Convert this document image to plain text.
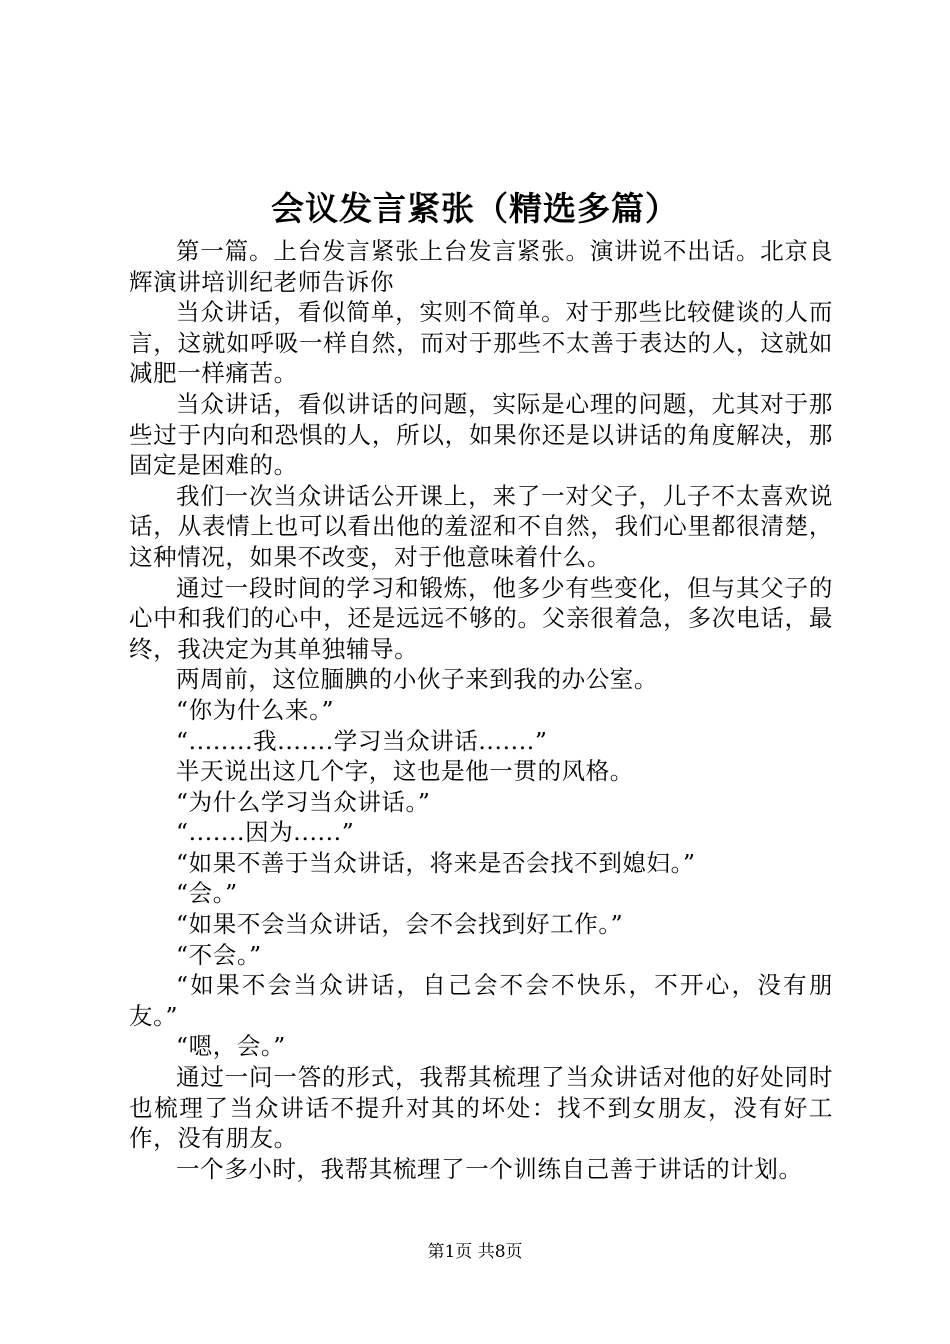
会议发言紧张（精选多篇）

第一篇。上台发言紧张上台发言紧张。演讲说不出话。北京良辉演讲培训纪老师告诉你

当众讲话，看似简单，实则不简单。对于那些比较健谈的人而言，这就如呼吸一样自然，而对于那些不太善于表达的人，这就如减肥一样痛苦。

当众讲话，看似讲话的问题，实际是心理的问题，尤其对于那些过于内向和恐惧的人，所以，如果你还是以讲话的角度解决，那固定是困难的。

我们一次当众讲话公开课上，来了一对父子，儿子不太喜欢说话，从表情上也可以看出他的羞涩和不自然，我们心里都很清楚，这种情况，如果不改变，对于他意味着什么。

通过一段时间的学习和锻炼，他多少有些变化，但与其父子的心中和我们的心中，还是远远不够的。父亲很着急，多次电话，最终，我决定为其单独辅导。

两周前，这位腼腆的小伙子来到我的办公室。

“你为什么来。”

“........我.......学习当众讲话.......”

半天说出这几个字，这也是他一贯的风格。

“为什么学习当众讲话。”

“.......因为......”

“如果不善于当众讲话，将来是否会找不到媳妇。”

“会。”

“如果不会当众讲话，会不会找到好工作。”

“不会。”

“如果不会当众讲话，自己会不会不快乐，不开心，没有朋友。”

“嗯，会。”

通过一问一答的形式，我帮其梳理了当众讲话对他的好处同时也梳理了当众讲话不提升对其的坏处：找不到女朋友，没有好工作，没有朋友。

一个多小时，我帮其梳理了一个训练自己善于讲话的计划。

第1页 共8页
